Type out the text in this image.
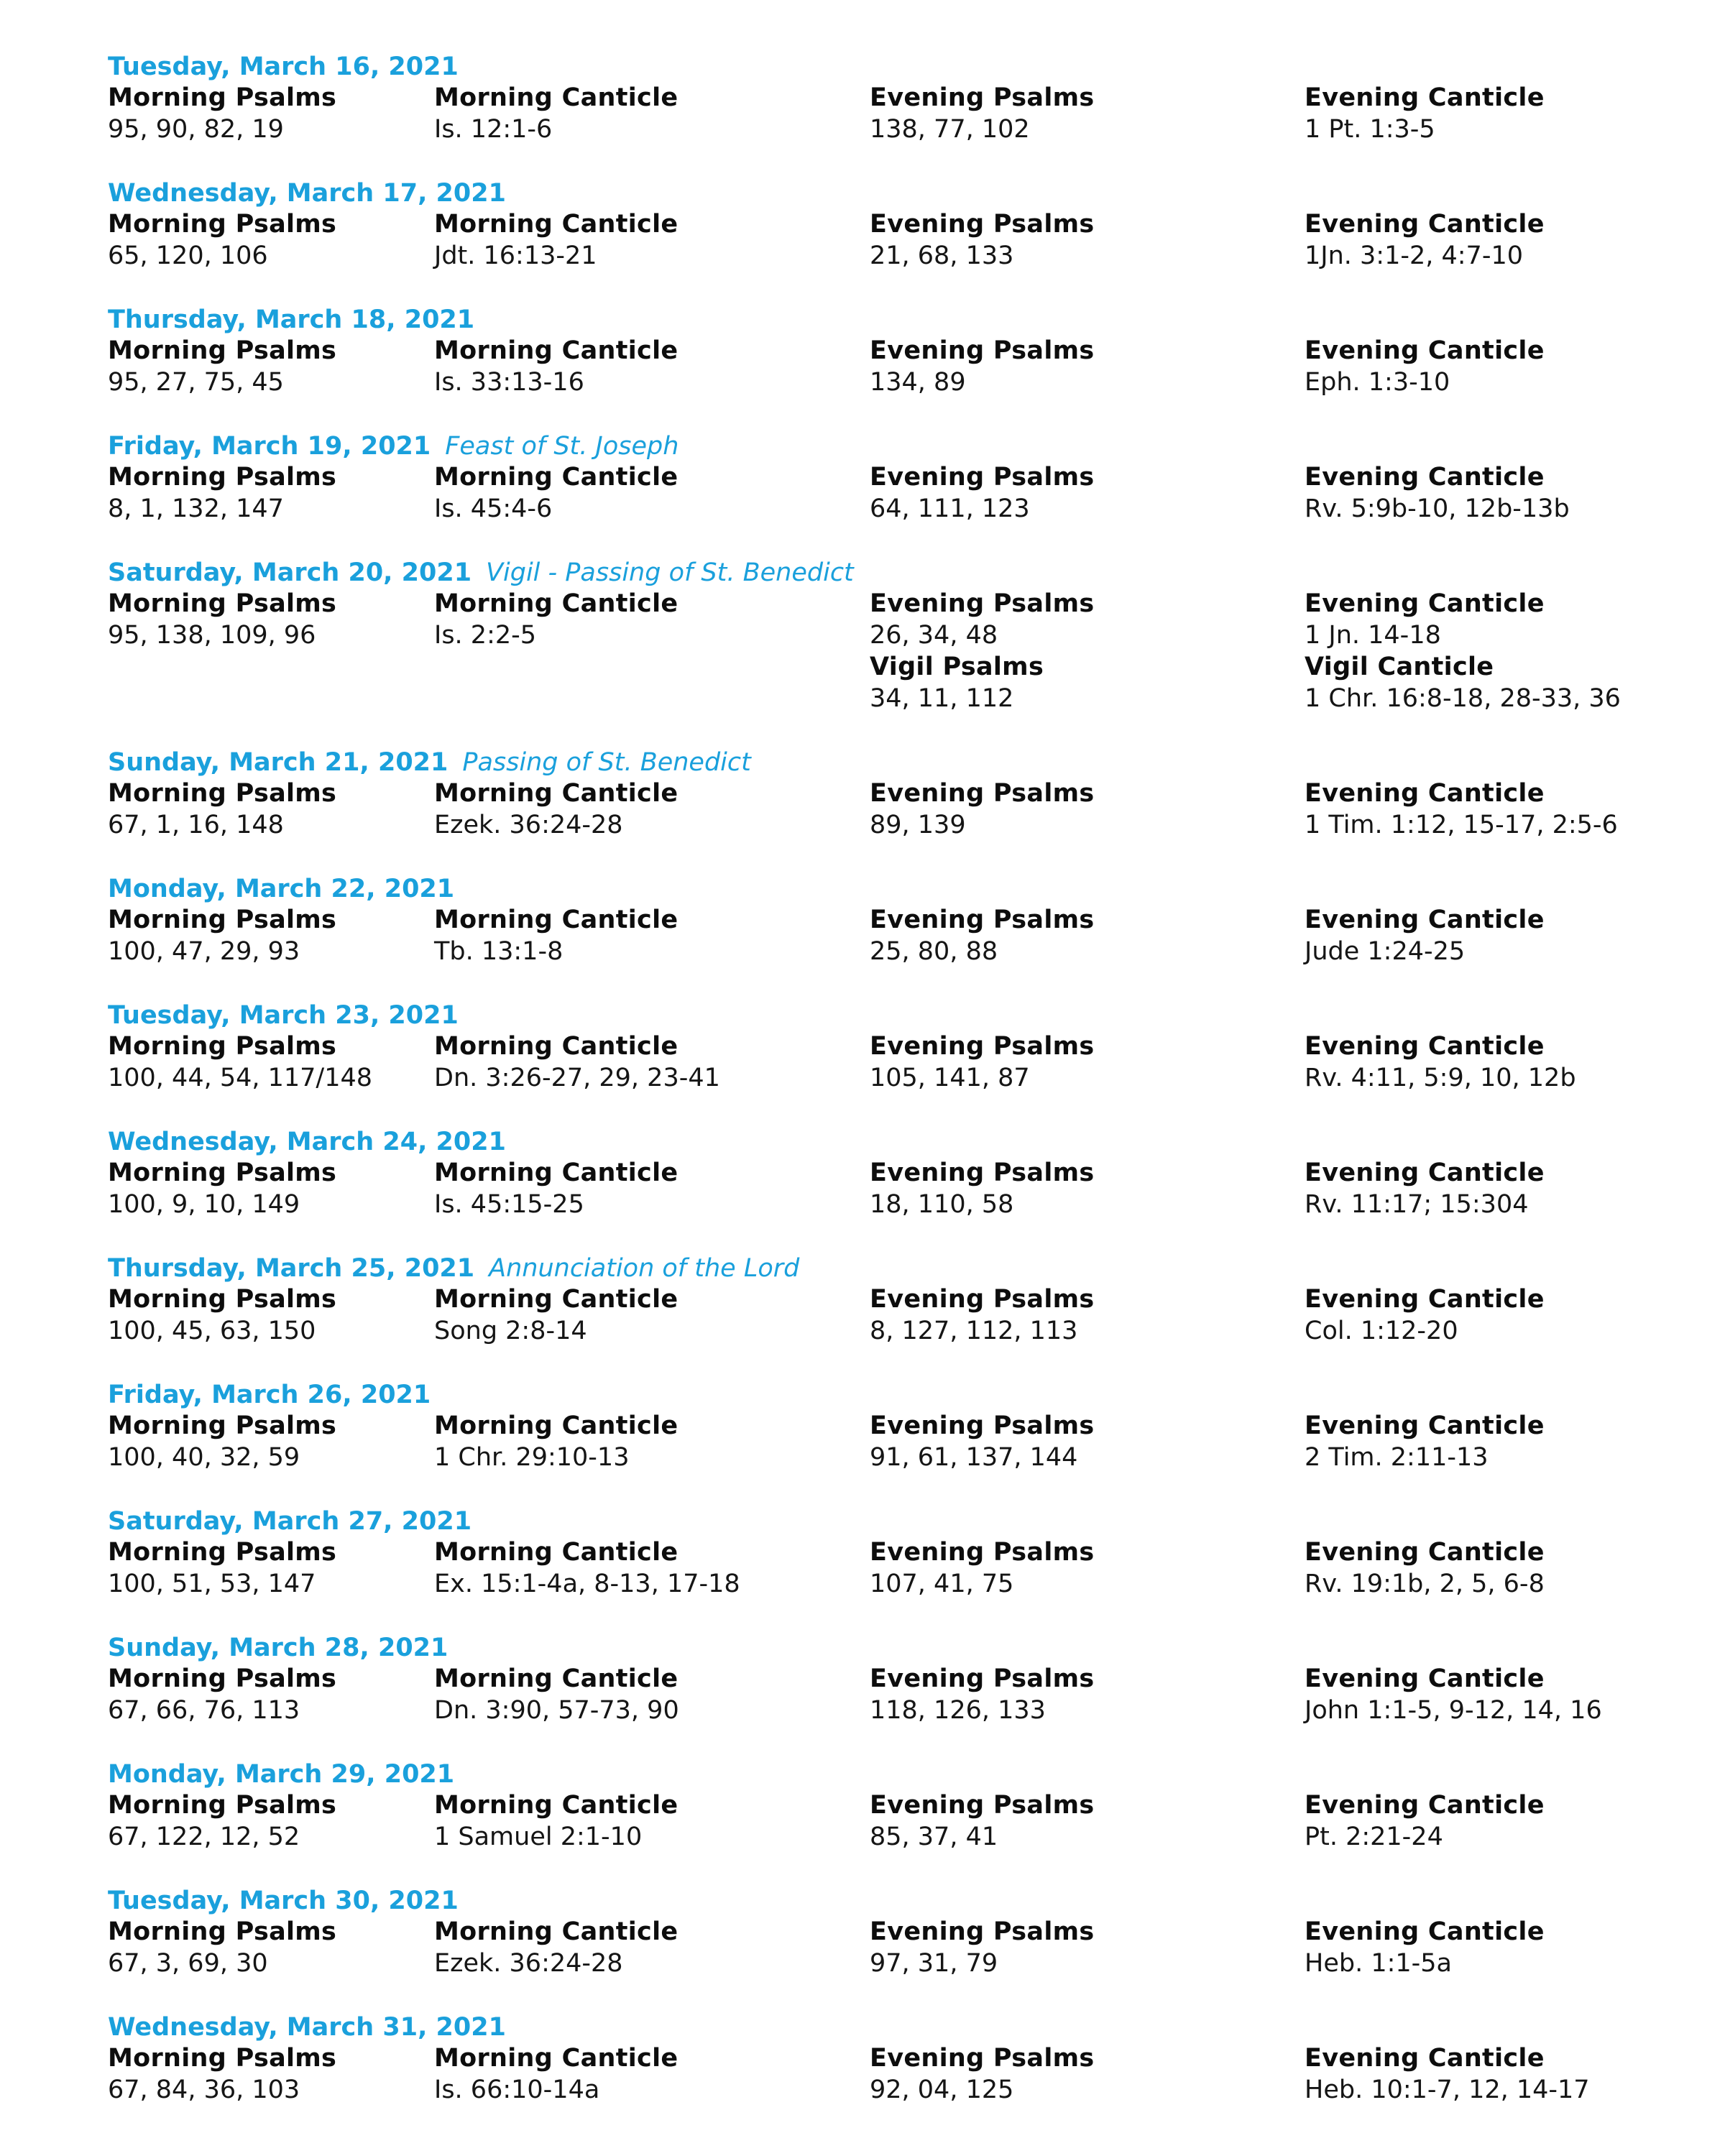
Tuesday, March 16, 2021
Morning Psalms
95, 90, 82, 19
Morning Canticle
Is. 12:1-6
Evening Psalms
138, 77, 102
Evening Canticle
1 Pt. 1:3-5
Wednesday, March 17, 2021
Morning Psalms
65, 120, 106
Morning Canticle
Jdt. 16:13-21
Evening Psalms
21, 68, 133
Evening Canticle
1Jn. 3:1-2, 4:7-10
Thursday, March 18, 2021
Morning Psalms
95, 27, 75, 45
Morning Canticle
Is. 33:13-16
Evening Psalms
134, 89
Evening Canticle
Eph. 1:3-10
Friday, March 19, 2021 Feast of St. Joseph
Morning Psalms
8, 1, 132, 147
Morning Canticle
Is. 45:4-6
Evening Psalms
64, 111, 123
Evening Canticle
Rv. 5:9b-10, 12b-13b
Saturday, March 20, 2021 Vigil - Passing of St. Benedict
Morning Psalms
95, 138, 109, 96
Morning Canticle
Is. 2:2-5
Evening Psalms
26, 34, 48
Vigil Psalms
34, 11, 112
Evening Canticle
1 Jn. 14-18
Vigil Canticle
1 Chr. 16:8-18, 28-33, 36
Sunday, March 21, 2021 Passing of St. Benedict
Morning Psalms
67, 1, 16, 148
Morning Canticle
Ezek. 36:24-28
Evening Psalms
89, 139
Evening Canticle
1 Tim. 1:12, 15-17, 2:5-6
Monday, March 22, 2021
Morning Psalms
100, 47, 29, 93
Morning Canticle
Tb. 13:1-8
Evening Psalms
25, 80, 88
Evening Canticle
Jude 1:24-25
Tuesday, March 23, 2021
Morning Psalms
100, 44, 54, 117/148
Morning Canticle
Dn. 3:26-27, 29, 23-41
Evening Psalms
105, 141, 87
Evening Canticle
Rv. 4:11, 5:9, 10, 12b
Wednesday, March 24, 2021
Morning Psalms
100, 9, 10, 149
Morning Canticle
Is. 45:15-25
Evening Psalms
18, 110, 58
Evening Canticle
Rv. 11:17; 15:304
Thursday, March 25, 2021 Annunciation of the Lord
Morning Psalms
100, 45, 63, 150
Morning Canticle
Song 2:8-14
Evening Psalms
8, 127, 112, 113
Evening Canticle
Col. 1:12-20
Friday, March 26, 2021
Morning Psalms
100, 40, 32, 59
Morning Canticle
1 Chr. 29:10-13
Evening Psalms
91, 61, 137, 144
Evening Canticle
2 Tim. 2:11-13
Saturday, March 27, 2021
Morning Psalms
100, 51, 53, 147
Morning Canticle
Ex. 15:1-4a, 8-13, 17-18
Evening Psalms
107, 41, 75
Evening Canticle
Rv. 19:1b, 2, 5, 6-8
Sunday, March 28, 2021
Morning Psalms
67, 66, 76, 113
Morning Canticle
Dn. 3:90, 57-73, 90
Evening Psalms
118, 126, 133
Evening Canticle
John 1:1-5, 9-12, 14, 16
Monday, March 29, 2021
Morning Psalms
67, 122, 12, 52
Morning Canticle
1 Samuel 2:1-10
Evening Psalms
85, 37, 41
Evening Canticle
Pt. 2:21-24
Tuesday, March 30, 2021
Morning Psalms
67, 3, 69, 30
Morning Canticle
Ezek. 36:24-28
Evening Psalms
97, 31, 79
Evening Canticle
Heb. 1:1-5a
Wednesday, March 31, 2021
Morning Psalms
67, 84, 36, 103
Morning Canticle
Is. 66:10-14a
Evening Psalms
92, 04, 125
Evening Canticle
Heb. 10:1-7, 12, 14-17
